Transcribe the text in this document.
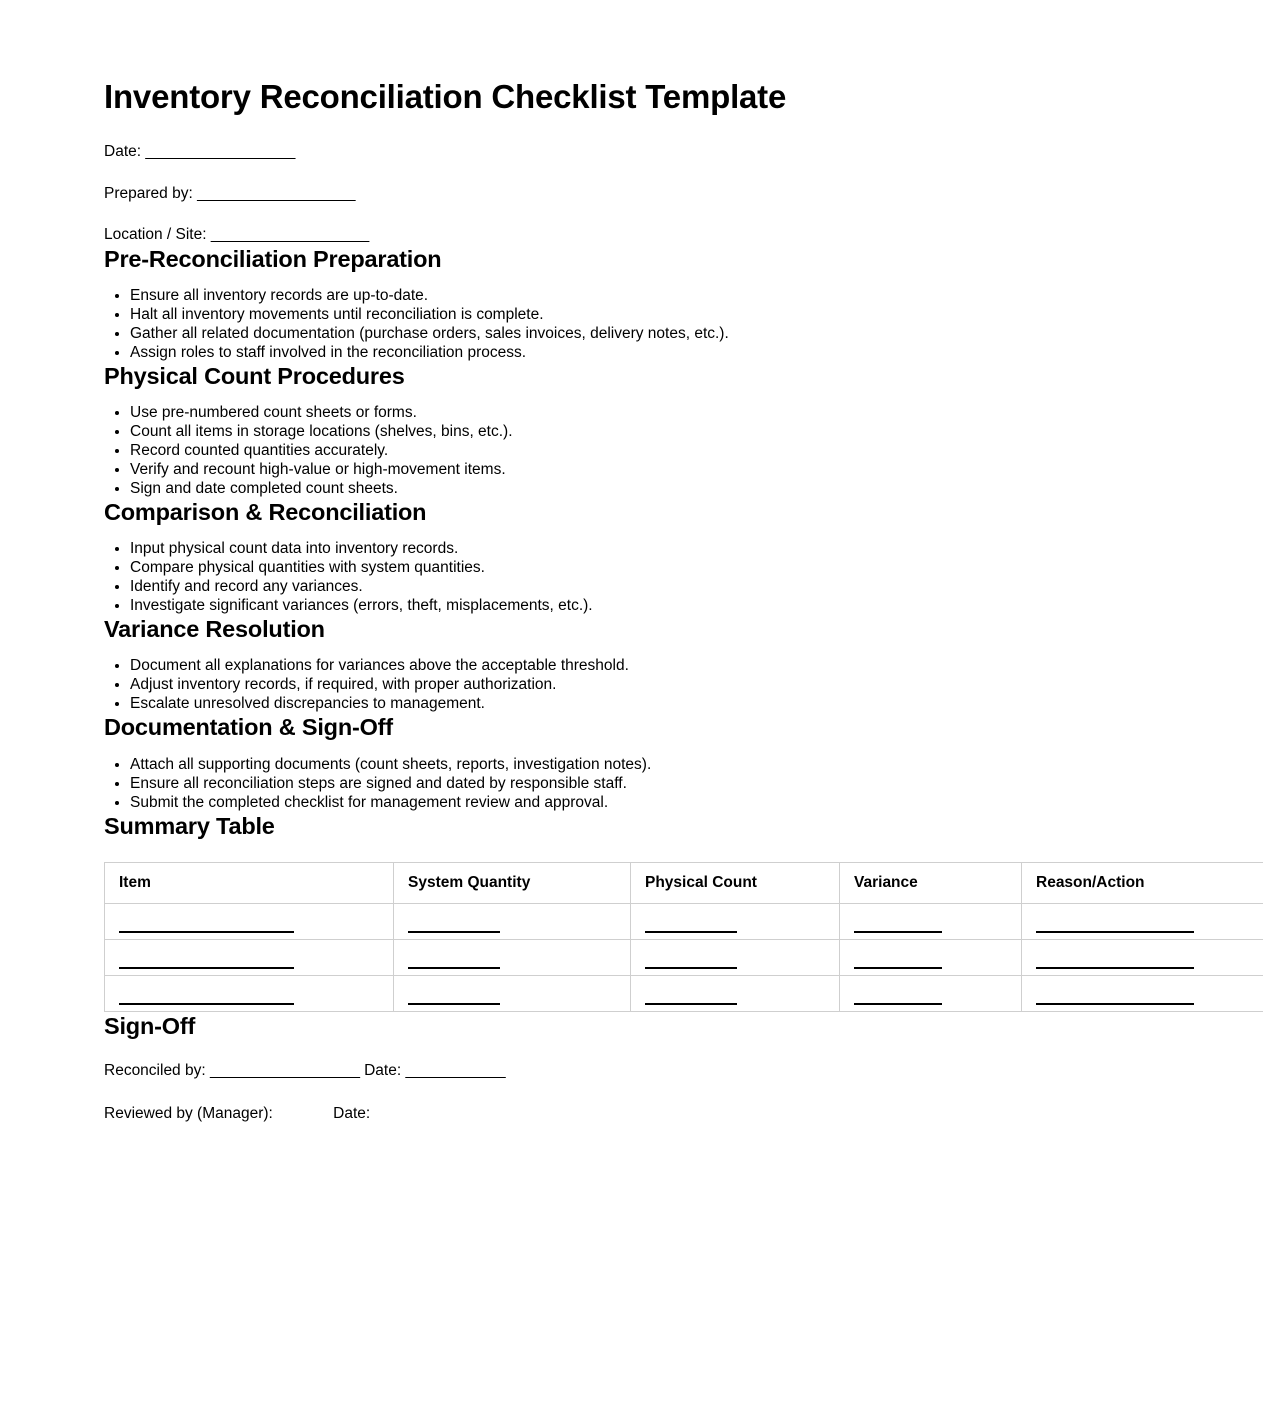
Inventory Reconciliation Checklist Template
Date: __________________
Prepared by: ___________________
Location / Site: ___________________
Pre-Reconciliation Preparation
Ensure all inventory records are up-to-date.
Halt all inventory movements until reconciliation is complete.
Gather all related documentation (purchase orders, sales invoices, delivery notes, etc.).
Assign roles to staff involved in the reconciliation process.
Physical Count Procedures
Use pre-numbered count sheets or forms.
Count all items in storage locations (shelves, bins, etc.).
Record counted quantities accurately.
Verify and recount high-value or high-movement items.
Sign and date completed count sheets.
Comparison & Reconciliation
Input physical count data into inventory records.
Compare physical quantities with system quantities.
Identify and record any variances.
Investigate significant variances (errors, theft, misplacements, etc.).
Variance Resolution
Document all explanations for variances above the acceptable threshold.
Adjust inventory records, if required, with proper authorization.
Escalate unresolved discrepancies to management.
Documentation & Sign-Off
Attach all supporting documents (count sheets, reports, investigation notes).
Ensure all reconciliation steps are signed and dated by responsible staff.
Submit the completed checklist for management review and approval.
Summary Table
Item	System Quantity	Physical Count	Variance	Reason/Action

Sign-Off
Reconciled by: __________________ Date: ____________
Reviewed by (Manager):	Date:
